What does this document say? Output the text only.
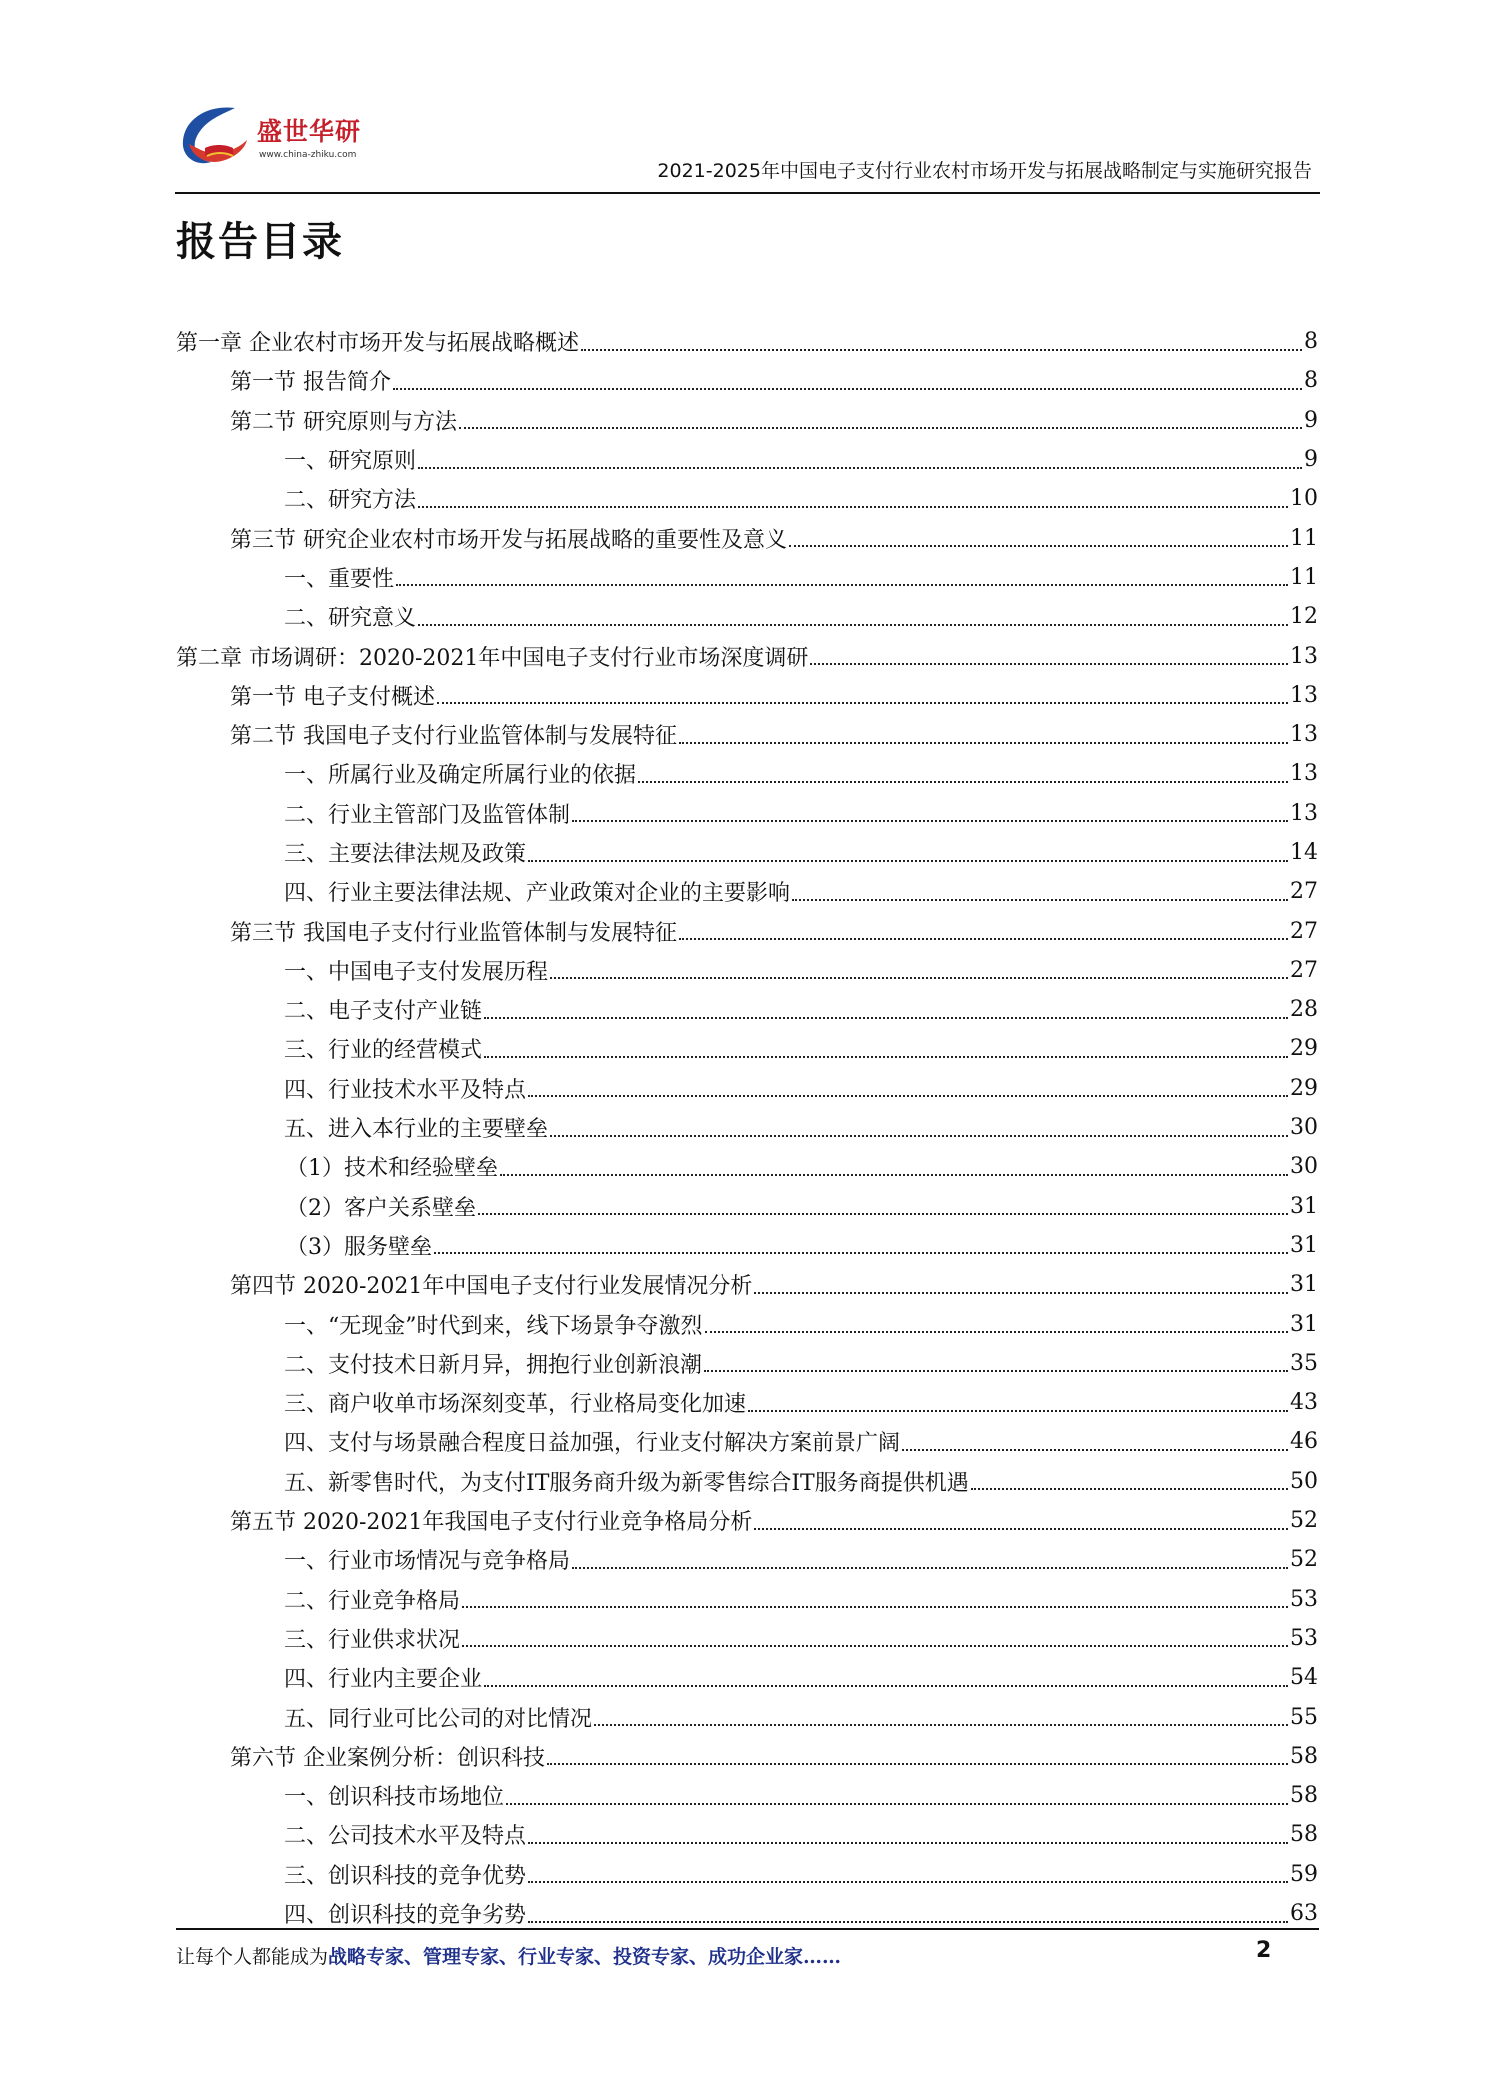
盛世华研
www.china-zhiku.com
2021-2025年中国电子支付行业农村市场开发与拓展战略制定与实施研究报告
报告目录
第一章 企业农村市场开发与拓展战略概述	8
第一节 报告简介	8
第二节 研究原则与方法	9
一、研究原则	9
二、研究方法	10
第三节 研究企业农村市场开发与拓展战略的重要性及意义	11
一、重要性	11
二、研究意义	12
第二章 市场调研：2020-2021年中国电子支付行业市场深度调研	13
第一节 电子支付概述	13
第二节 我国电子支付行业监管体制与发展特征	13
一、所属行业及确定所属行业的依据	13
二、行业主管部门及监管体制	13
三、主要法律法规及政策	14
四、行业主要法律法规、产业政策对企业的主要影响	27
第三节 我国电子支付行业监管体制与发展特征	27
一、中国电子支付发展历程	27
二、电子支付产业链	28
三、行业的经营模式	29
四、行业技术水平及特点	29
五、进入本行业的主要壁垒	30
（1）技术和经验壁垒	30
（2）客户关系壁垒	31
（3）服务壁垒	31
第四节 2020-2021年中国电子支付行业发展情况分析	31
一、“无现金”时代到来，线下场景争夺激烈	31
二、支付技术日新月异，拥抱行业创新浪潮	35
三、商户收单市场深刻变革，行业格局变化加速	43
四、支付与场景融合程度日益加强，行业支付解决方案前景广阔	46
五、新零售时代，为支付IT服务商升级为新零售综合IT服务商提供机遇	50
第五节 2020-2021年我国电子支付行业竞争格局分析	52
一、行业市场情况与竞争格局	52
二、行业竞争格局	53
三、行业供求状况	53
四、行业内主要企业	54
五、同行业可比公司的对比情况	55
第六节 企业案例分析：创识科技	58
一、创识科技市场地位	58
二、公司技术水平及特点	58
三、创识科技的竞争优势	59
四、创识科技的竞争劣势	63
让每个人都能成为战略专家、管理专家、行业专家、投资专家、成功企业家……	2
